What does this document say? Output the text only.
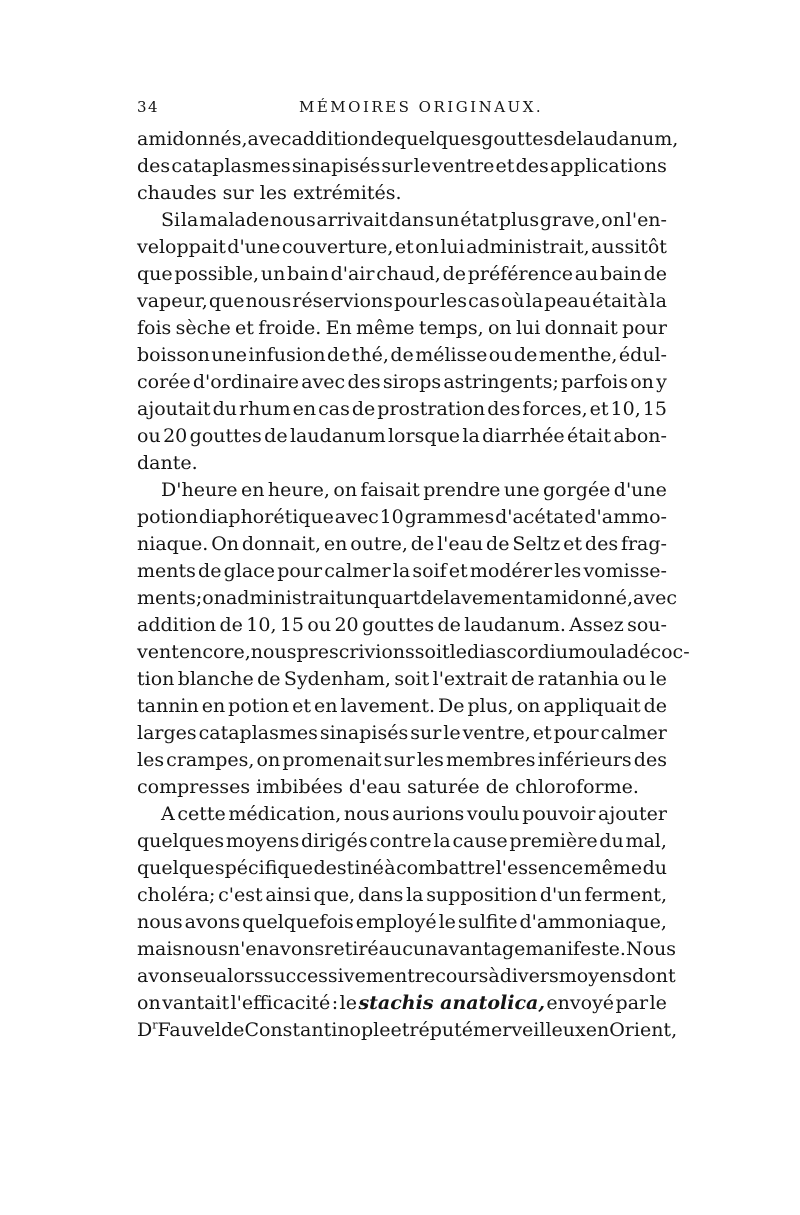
34	MÉMOIRES ORIGINAUX.
amidonnés, avec addition de quelques gouttes de laudanum,
des cataplasmes sinapisés sur le ventre et des applications
chaudes sur les extrémités.
Si la malade nous arrivait dans un état plus grave, on l'en-
veloppait d'une couverture, et on lui administrait, aussitôt
que possible, un bain d'air chaud, de préférence au bain de
vapeur, que nous réservions pour les cas où la peau était à la
fois sèche et froide. En même temps, on lui donnait pour
boisson une infusion de thé, de mélisse ou de menthe, édul-
corée d'ordinaire avec des sirops astringents; parfois on y
ajoutait du rhum en cas de prostration des forces, et 10, 15
ou 20 gouttes de laudanum lorsque la diarrhée était abon-
dante.
D'heure en heure, on faisait prendre une gorgée d'une
potion diaphorétique avec 10 grammes d'acétate d'ammo-
niaque. On donnait, en outre, de l'eau de Seltz et des frag-
ments de glace pour calmer la soif et modérer les vomisse-
ments; on administrait un quart de lavement amidonné, avec
addition de 10, 15 ou 20 gouttes de laudanum. Assez sou-
vent encore, nous prescrivions soit le diascordium ou la décoc-
tion blanche de Sydenham, soit l'extrait de ratanhia ou le
tannin en potion et en lavement. De plus, on appliquait de
larges cataplasmes sinapisés sur le ventre, et pour calmer
les crampes, on promenait sur les membres inférieurs des
compresses imbibées d'eau saturée de chloroforme.
A cette médication, nous aurions voulu pouvoir ajouter
quelques moyens dirigés contre la cause première du mal,
quelque spécifique destiné à combattre l'essence même du
choléra; c'est ainsi que, dans la supposition d'un ferment,
nous avons quelquefois employé le sulfite d'ammoniaque,
mais nous n'en avons retiré aucun avantage manifeste. Nous
avons eu alors successivement recours à divers moyens dont
on vantait l'efficacité : le stachis anatolica, envoyé par le
$D^r$ Fauvel de Constantinople et réputé merveilleux en Orient,
